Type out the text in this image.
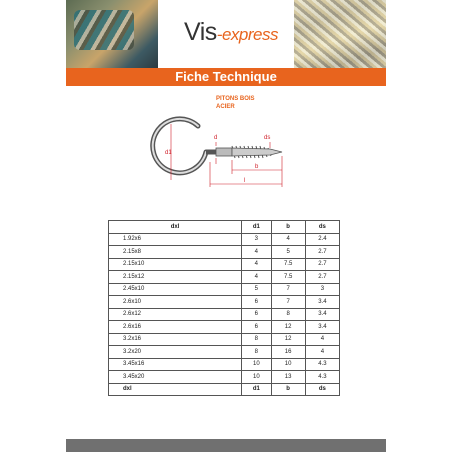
Vis-express
Fiche Technique
PITONS BOIS
ACIER
d1
d	ds
b
l
dxl	d1	b	ds
1.92x6	3	4	2.4
2.15x8	4	5	2.7
2.15x10	4	7.5	2.7
2.15x12	4	7.5	2.7
2.45x10	5	7	3
2.6x10	6	7	3.4
2.6x12	6	8	3.4
2.6x16	6	12	3.4
3.2x16	8	12	4
3.2x20	8	16	4
3.45x16	10	10	4.3
3.45x20	10	13	4.3
dxl	d1	b	ds
